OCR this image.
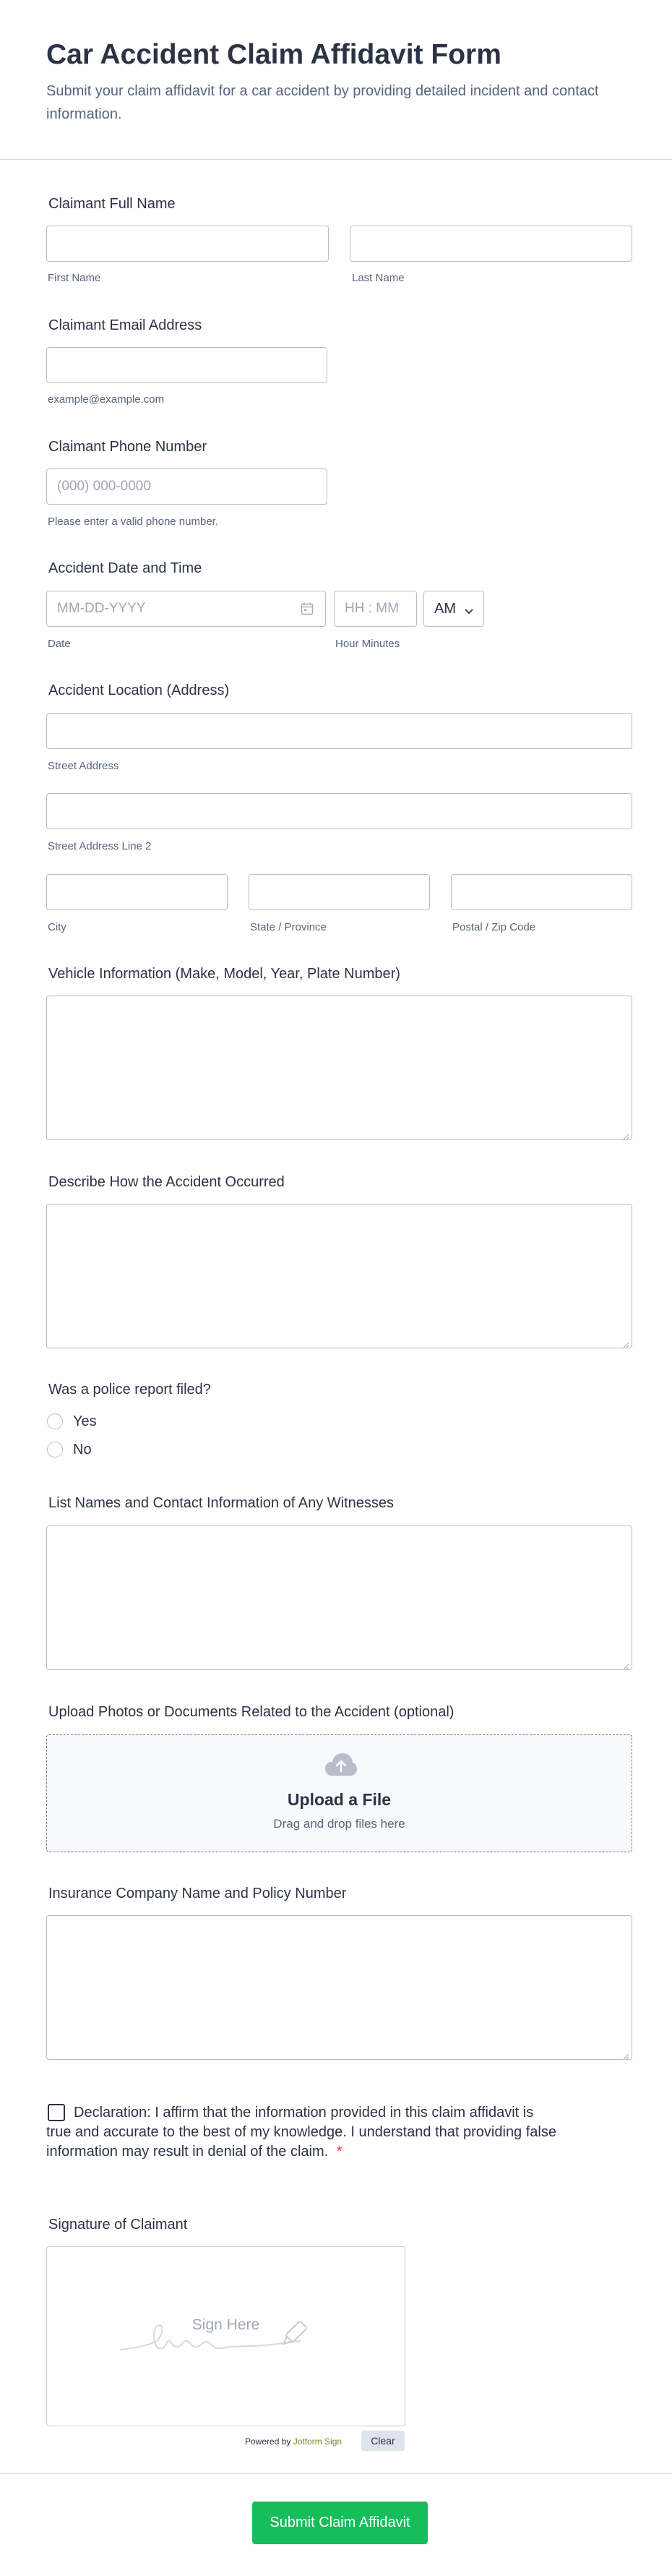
Car Accident Claim Affidavit Form

Submit your claim affidavit for a car accident by providing detailed incident and contact information.

Claimant Full Name
First Name	Last Name
Claimant Email Address
example@example.com
Claimant Phone Number
(000) 000-0000
Please enter a valid phone number.
Accident Date and Time
MM-DD-YYYY	HH : MM AM
Date	Hour Minutes
Accident Location (Address)
Street Address
Street Address Line 2
City	State / Province	Postal / Zip Code
Vehicle Information (Make, Model, Year, Plate Number)
Describe How the Accident Occurred
Was a police report filed?
Yes
No
List Names and Contact Information of Any Witnesses
Upload Photos or Documents Related to the Accident (optional)
Upload a File
Drag and drop files here
Insurance Company Name and Policy Number
Declaration: I affirm that the information provided in this claim affidavit is true and accurate to the best of my knowledge. I understand that providing false information may result in denial of the claim. *
Signature of Claimant
Sign Here
Powered by Jotform Sign	Clear
Submit Claim Affidavit
